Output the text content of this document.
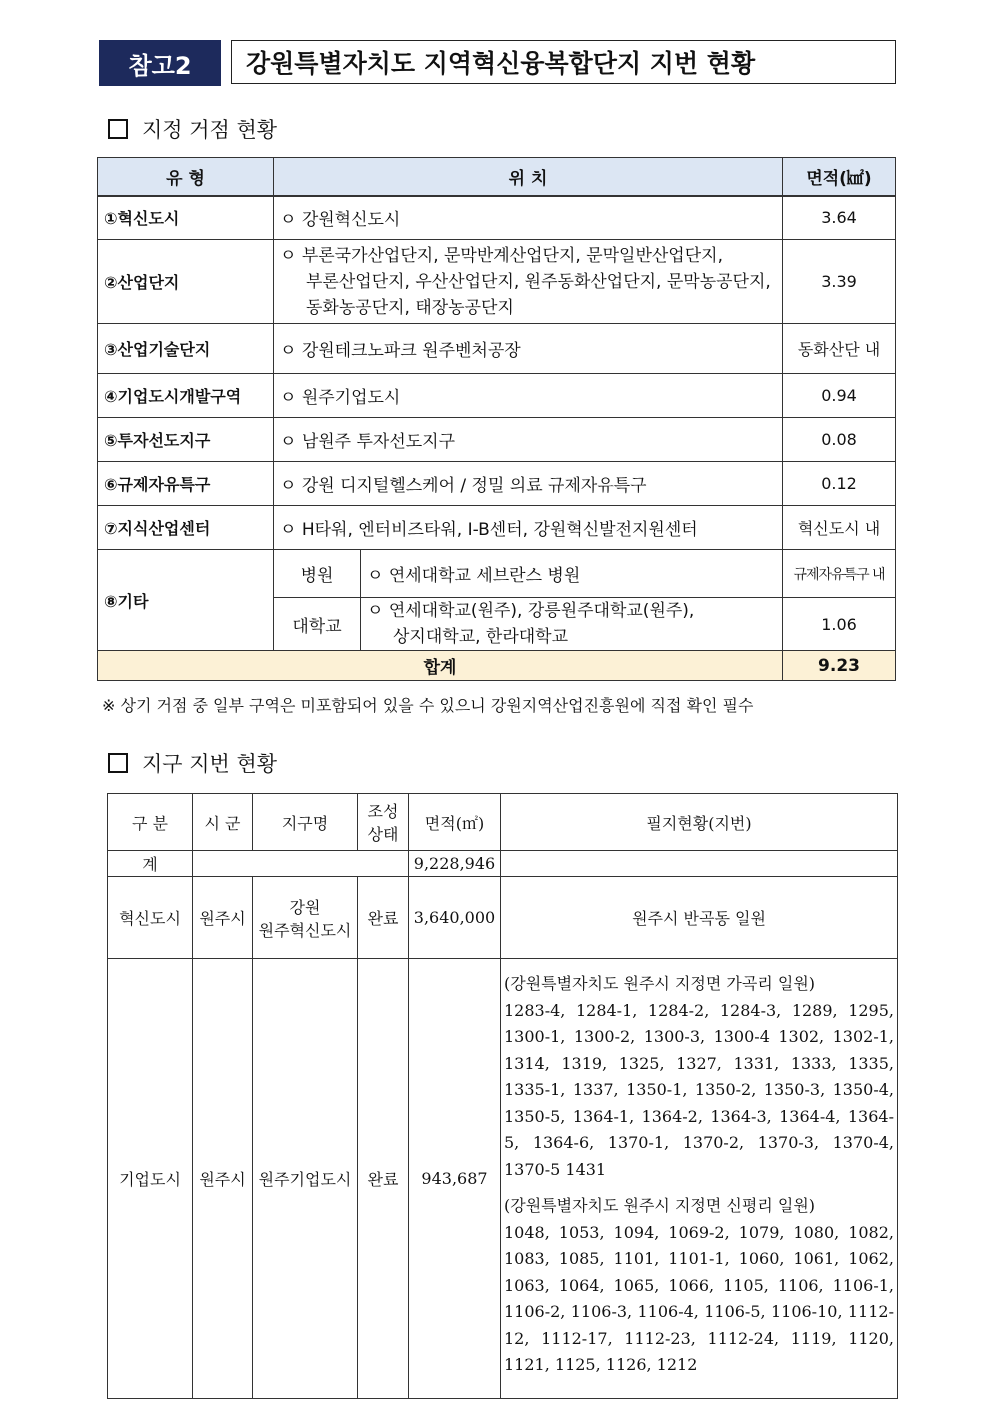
참고2	강원특별자치도 지역혁신융복합단지 지번 현황
지정 거점 현황
유 형	위 치		면적(㎢)
①혁신도시	ㅇ 강원혁신도시		3.64
②산업단지	ㅇ 부론국가산업단지, 문막반계산업단지, 문막일반산업단지,
부론산업단지, 우산산업단지, 원주동화산업단지, 문막농공단지,
동화농공단지, 태장농공단지		3.39
③산업기술단지	ㅇ 강원테크노파크 원주벤처공장		동화산단 내
④기업도시개발구역	ㅇ 원주기업도시		0.94
⑤투자선도지구	ㅇ 남원주 투자선도지구		0.08
⑥규제자유특구	ㅇ 강원 디지털헬스케어 / 정밀 의료 규제자유특구		0.12
⑦지식산업센터	ㅇ H타워, 엔터비즈타워, I-B센터, 강원혁신발전지원센터		혁신도시 내
⑧기타	병원	ㅇ 연세대학교 세브란스 병원	규제자유특구 내
	대학교	ㅇ 연세대학교(원주), 강릉원주대학교(원주),
상지대학교, 한라대학교	1.06
합계			9.23
※ 상기 거점 중 일부 구역은 미포함되어 있을 수 있으니 강원지역산업진흥원에 직접 확인 필수
지구 지번 현황
구 분	시 군	지구명	조성
상태	면적(㎡)	필지현황(지번)
계				9,228,946	
혁신도시	원주시	강원
원주혁신도시	완료	3,640,000	원주시 반곡동 일원
기업도시	원주시	원주기업도시	완료	943,687	(강원특별자치도 원주시 지정면 가곡리 일원)
1283-4, 1284-1, 1284-2, 1284-3, 1289, 1295, 1300-1, 1300-2, 1300-3, 1300-4 1302, 1302-1, 1314, 1319, 1325, 1327, 1331, 1333, 1335, 1335-1, 1337, 1350-1, 1350-2, 1350-3, 1350-4, 1350-5, 1364-1, 1364-2, 1364-3, 1364-4, 1364-5, 1364-6, 1370-1, 1370-2, 1370-3, 1370-4, 1370-5 1431
(강원특별자치도 원주시 지정면 신평리 일원)
1048, 1053, 1094, 1069-2, 1079, 1080, 1082, 1083, 1085, 1101, 1101-1, 1060, 1061, 1062, 1063, 1064, 1065, 1066, 1105, 1106, 1106-1, 1106-2, 1106-3, 1106-4, 1106-5, 1106-10, 1112-12, 1112-17, 1112-23, 1112-24, 1119, 1120, 1121, 1125, 1126, 1212
